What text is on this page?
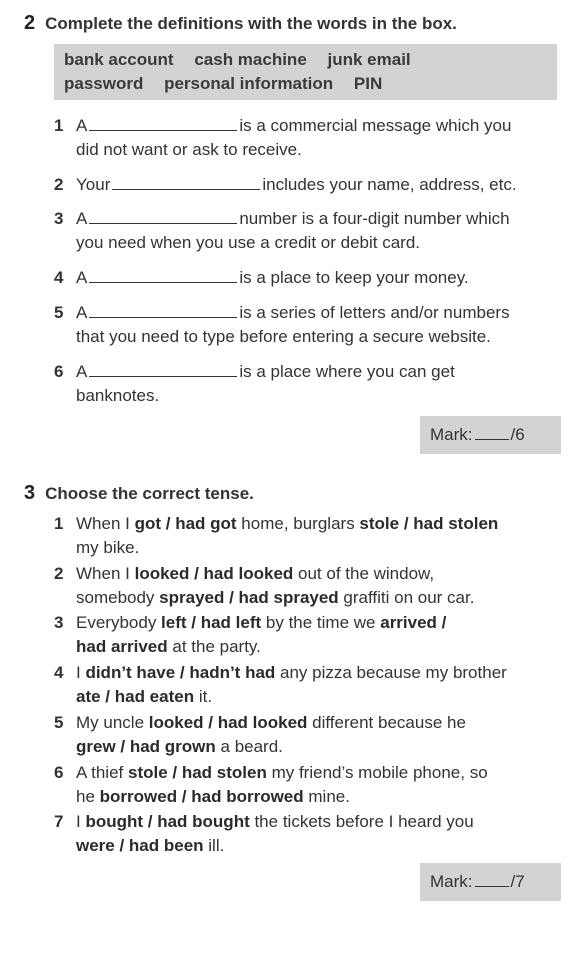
2 Complete the definitions with the words in the box.
bank account cash machine junk email
password personal information PIN
1 A	is a commercial message which you
did not want or ask to receive.
2 Your	includes your name, address, etc.
3 A	number is a four-digit number which
you need when you use a credit or debit card.
4 A	is a place to keep your money.
5 A	is a series of letters and/or numbers
that you need to type before entering a secure website.
6 A	is a place where you can get
banknotes.
Mark: /6
3 Choose the correct tense.
1 When I got / had got home, burglars stole / had stolen
my bike.
2 When I looked / had looked out of the window,
somebody sprayed / had sprayed graffiti on our car.
3 Everybody left / had left by the time we arrived /
had arrived at the party.
4 I didn’t have / hadn’t had any pizza because my brother
ate / had eaten it.
5 My uncle looked / had looked different because he
grew / had grown a beard.
6 A thief stole / had stolen my friend’s mobile phone, so
he borrowed / had borrowed mine.
7 I bought / had bought the tickets before I heard you
were / had been ill.
Mark: /7
